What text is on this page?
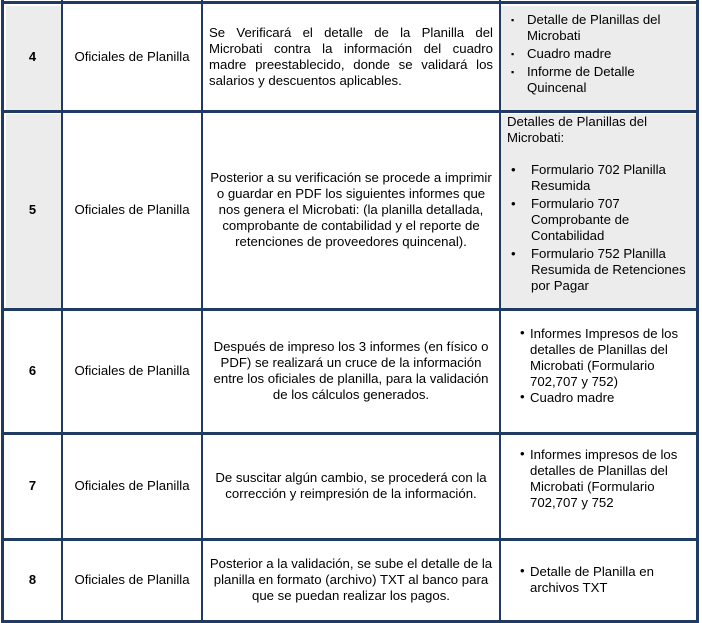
4	Oficiales de Planilla
Se Verificará el detalle de la Planilla del Microbati contra la información del cuadro madre preestablecido, donde se validará los salarios y descuentos aplicables.
▪ Detalle de Planillas del Microbati
▪ Cuadro madre
▪ Informe de Detalle Quincenal
5	Oficiales de Planilla
Posterior a su verificación se procede a imprimir o guardar en PDF los siguientes informes que nos genera el Microbati: (la planilla detallada, comprobante de contabilidad y el reporte de retenciones de proveedores quincenal).
Detalles de Planillas del Microbati:
• Formulario 702 Planilla Resumida
• Formulario 707 Comprobante de Contabilidad
• Formulario 752 Planilla Resumida de Retenciones por Pagar
6	Oficiales de Planilla
Después de impreso los 3 informes (en físico o PDF) se realizará un cruce de la información entre los oficiales de planilla, para la validación de los cálculos generados.
• Informes Impresos de los detalles de Planillas del Microbati (Formulario 702,707 y 752)
• Cuadro madre
7	Oficiales de Planilla
De suscitar algún cambio, se procederá con la corrección y reimpresión de la información.
• Informes impresos de los detalles de Planillas del Microbati (Formulario 702,707 y 752
8	Oficiales de Planilla
Posterior a la validación, se sube el detalle de la planilla en formato (archivo) TXT al banco para que se puedan realizar los pagos.
• Detalle de Planilla en archivos TXT
